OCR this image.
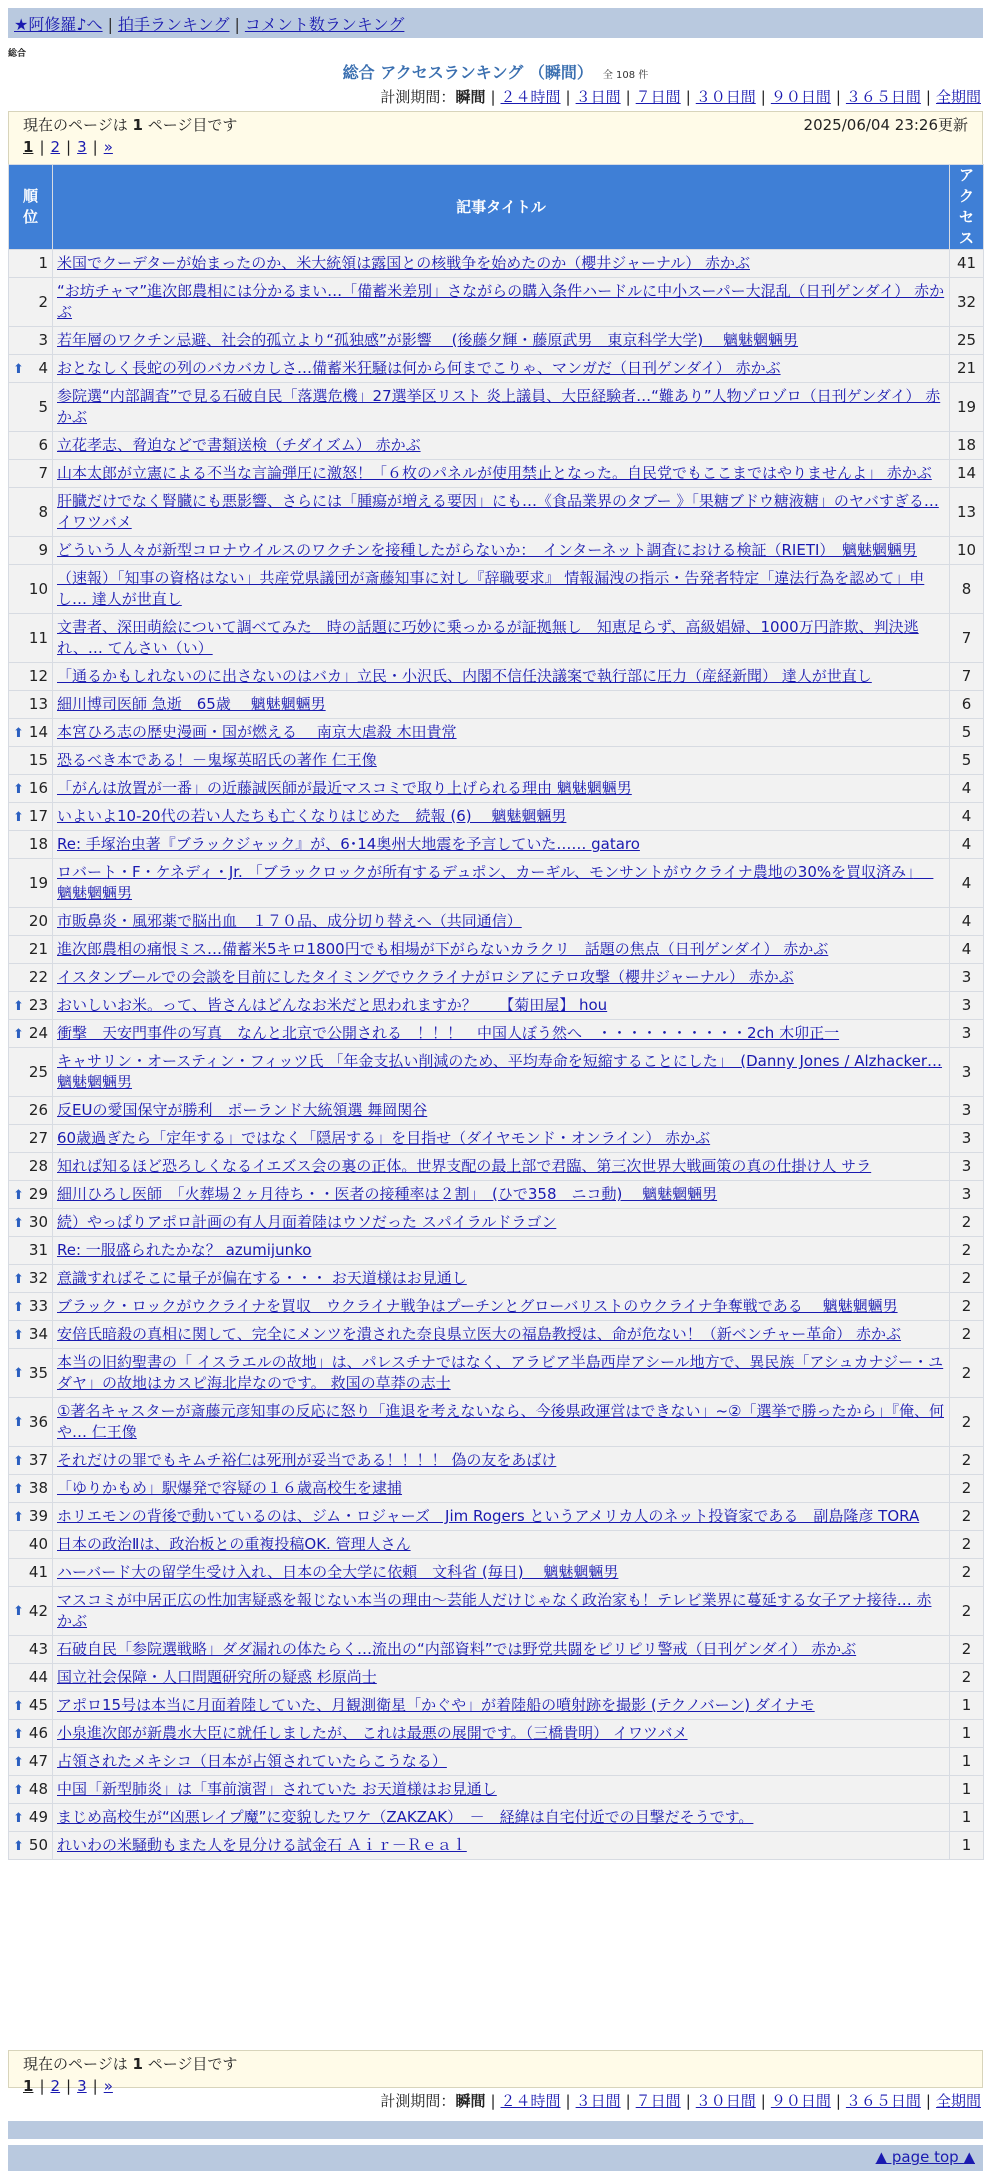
★阿修羅♪へ | 拍手ランキング | コメント数ランキング
総合
総合 アクセスランキング （瞬間） 全 108 件
計測期間：瞬間 | ２４時間 | ３日間 | ７日間 | ３０日間 | ９０日間 | ３６５日間 | 全期間
現在のページは 1 ページ目です	2025/06/04 23:26更新
1 | 2 | 3 | »
順位	記事タイトル	アクセス
1	米国でクーデターが始まったのか、米大統領は露国との核戦争を始めたのか（櫻井ジャーナル） 赤かぶ	41
2	“お坊チャマ”進次郎農相には分かるまい…「備蓄米差別」さながらの購入条件ハードルに中小スーパー大混乱（日刊ゲンダイ） 赤かぶ	32
3	若年層のワクチン忌避、社会的孤立より“孤独感”が影響 　(後藤夕輝・藤原武男　東京科学大学)　 魑魅魍魎男	25

⬆ 4	おとなしく長蛇の列のバカバカしさ…備蓄米狂騒は何から何までこりゃ、マンガだ（日刊ゲンダイ） 赤かぶ	21
5	参院選“内部調査”で見る石破自民「落選危機」27選挙区リスト 炎上議員、大臣経験者…“難あり”人物ゾロゾロ（日刊ゲンダイ） 赤かぶ	19
6	立花孝志、脅迫などで書類送検（チダイズム） 赤かぶ	18
7	山本太郎が立憲による不当な言論弾圧に激怒！「６枚のパネルが使用禁止となった。自民党でもここまではやりませんよ」 赤かぶ	14
8	肝臓だけでなく腎臓にも悪影響、さらには「腫瘍が増える要因」にも…《食品業界のタブー 》「果糖ブドウ糖液糖」のヤバすぎる… イワツバメ	13
9	どういう人々が新型コロナウイルスのワクチンを接種したがらないか：　インターネット調査における検証（RIETI）　魑魅魍魎男	10
10	（速報）「知事の資格はない」共産党県議団が斎藤知事に対し『辞職要求』 情報漏洩の指示・告発者特定「違法行為を認めて」申し… 達人が世直し	8
11	文書者、深田萌絵について調べてみた　時の話題に巧妙に乗っかるが証拠無し　知恵足らず、高級娼婦、1000万円詐欺、判決逃れ、… てんさい（い）	7
12	「通るかもしれないのに出さないのはバカ」立民・小沢氏、内閣不信任決議案で執行部に圧力（産経新聞） 達人が世直し	7
13	細川博司医師 急逝　65歳　 魑魅魍魎男	6

⬆ 14	本宮ひろ志の歴史漫画・国が燃える　 南京大虐殺 木田貴常	5
15	恐るべき本である！－鬼塚英昭氏の著作 仁王像	5

⬆ 16	「がんは放置が一番」の近藤誠医師が最近マスコミで取り上げられる理由 魑魅魍魎男	4

⬆ 17	いよいよ10-20代の若い人たちも亡くなりはじめた　続報 (6)　 魑魅魍魎男	4
18	Re: 手塚治虫著『ブラックジャック』が、6･14奥州大地震を予言していた…… gataro	4
19	ロバート・F・ケネディ・Jr. 「ブラックロックが所有するデュポン、カーギル、モンサントがウクライナ農地の30%を買収済み」　 魑魅魍魎男	4
20	市販鼻炎・風邪薬で脳出血　１７０品、成分切り替えへ（共同通信）	4
21	進次郎農相の痛恨ミス…備蓄米5キロ1800円でも相場が下がらないカラクリ　話題の焦点（日刊ゲンダイ） 赤かぶ	4
22	イスタンブールでの会談を目前にしたタイミングでウクライナがロシアにテロ攻撃（櫻井ジャーナル） 赤かぶ	3

⬆ 23	おいしいお米。って、皆さんはどんなお米だと思われますか？　　【菊田屋】 hou	3

⬆ 24	衝撃　天安門事件の写真　なんと北京で公開される　！！！　中国人ぼう然へ　・・・・・・・・・・2ch 木卯正一	3
25	キャサリン・オースティン・フィッツ氏 「年金支払い削減のため、平均寿命を短縮することにした」　(Danny Jones / Alzhacker… 魑魅魍魎男	3
26	反EUの愛国保守が勝利　ポーランド大統領選 舞岡関谷	3
27	60歳過ぎたら「定年する」ではなく「隠居する」を目指せ（ダイヤモンド・オンライン） 赤かぶ	3
28	知れば知るほど恐ろしくなるイエズス会の裏の正体。世界支配の最上部で君臨、第三次世界大戦画策の真の仕掛け人 サラ	3

⬆ 29	細川ひろし医師　「火葬場２ヶ月待ち・・医者の接種率は２割」　(ひで358　ニコ動)　 魑魅魍魎男	3

⬆ 30	続）やっぱりアポロ計画の有人月面着陸はウソだった スパイラルドラゴン	2
31	Re: 一服盛られたかな？ azumijunko	2

⬆ 32	意識すればそこに量子が偏在する・・・ お天道様はお見通し	2

⬆ 33	ブラック・ロックがウクライナを買収　ウクライナ戦争はプーチンとグローバリストのウクライナ争奪戦である　 魑魅魍魎男	2

⬆ 34	安倍氏暗殺の真相に関して、完全にメンツを潰された奈良県立医大の福島教授は、命が危ない！（新ベンチャー革命） 赤かぶ	2

⬆ 35	本当の旧約聖書の「 イスラエルの故地」は、パレスチナではなく、アラビア半島西岸アシール地方で、異民族「アシュカナジー・ユダヤ」の故地はカスピ海北岸なのです。 救国の草莽の志士	2

⬆ 36	①著名キャスターが斎藤元彦知事の反応に怒り「進退を考えないなら、今後県政運営はできない」~②「選挙で勝ったから」『俺、何や… 仁王像	2

⬆ 37	それだけの罪でもキムチ裕仁は死刑が妥当である！！！！ 偽の友をあばけ	2

⬆ 38	「ゆりかもめ」駅爆発で容疑の１６歳高校生を逮捕	2

⬆ 39	ホリエモンの背後で動いているのは、ジム・ロジャーズ　Jim Rogers というアメリカ人のネット投資家である　副島隆彦 TORA	2
40	日本の政治Ⅱは、政治板との重複投稿OK. 管理人さん	2
41	ハーバード大の留学生受け入れ、日本の全大学に依頼　文科省 (毎日)　 魑魅魍魎男	2

⬆ 42	マスコミが中居正広の性加害疑惑を報じない本当の理由〜芸能人だけじゃなく政治家も！テレビ業界に蔓延する女子アナ接待… 赤かぶ	2
43	石破自民「参院選戦略」ダダ漏れの体たらく…流出の“内部資料”では野党共闘をピリピリ警戒（日刊ゲンダイ） 赤かぶ	2
44	国立社会保障・人口問題研究所の疑惑 杉原尚士	2

⬆ 45	アポロ15号は本当に月面着陸していた、月観測衛星「かぐや」が着陸船の噴射跡を撮影 (テクノバーン) ダイナモ	1

⬆ 46	小泉進次郎が新農水大臣に就任しましたが、 これは最悪の展開です。（三橋貴明） イワツバメ	1

⬆ 47	占領されたメキシコ（日本が占領されていたらこうなる）	1

⬆ 48	中国「新型肺炎」は「事前演習」されていた お天道様はお見通し	1

⬆ 49	まじめ高校生が“凶悪レイプ魔”に変貌したワケ（ZAKZAK）　－　経緯は自宅付近での目撃だそうです。	1

⬆ 50	れいわの米騒動もまた人を見分ける試金石 Ａｉｒ－Ｒｅａｌ	1
現在のページは 1 ページ目です
1 | 2 | 3 | »
計測期間：瞬間 | ２４時間 | ３日間 | ７日間 | ３０日間 | ９０日間 | ３６５日間 | 全期間
▲ page top ▲
